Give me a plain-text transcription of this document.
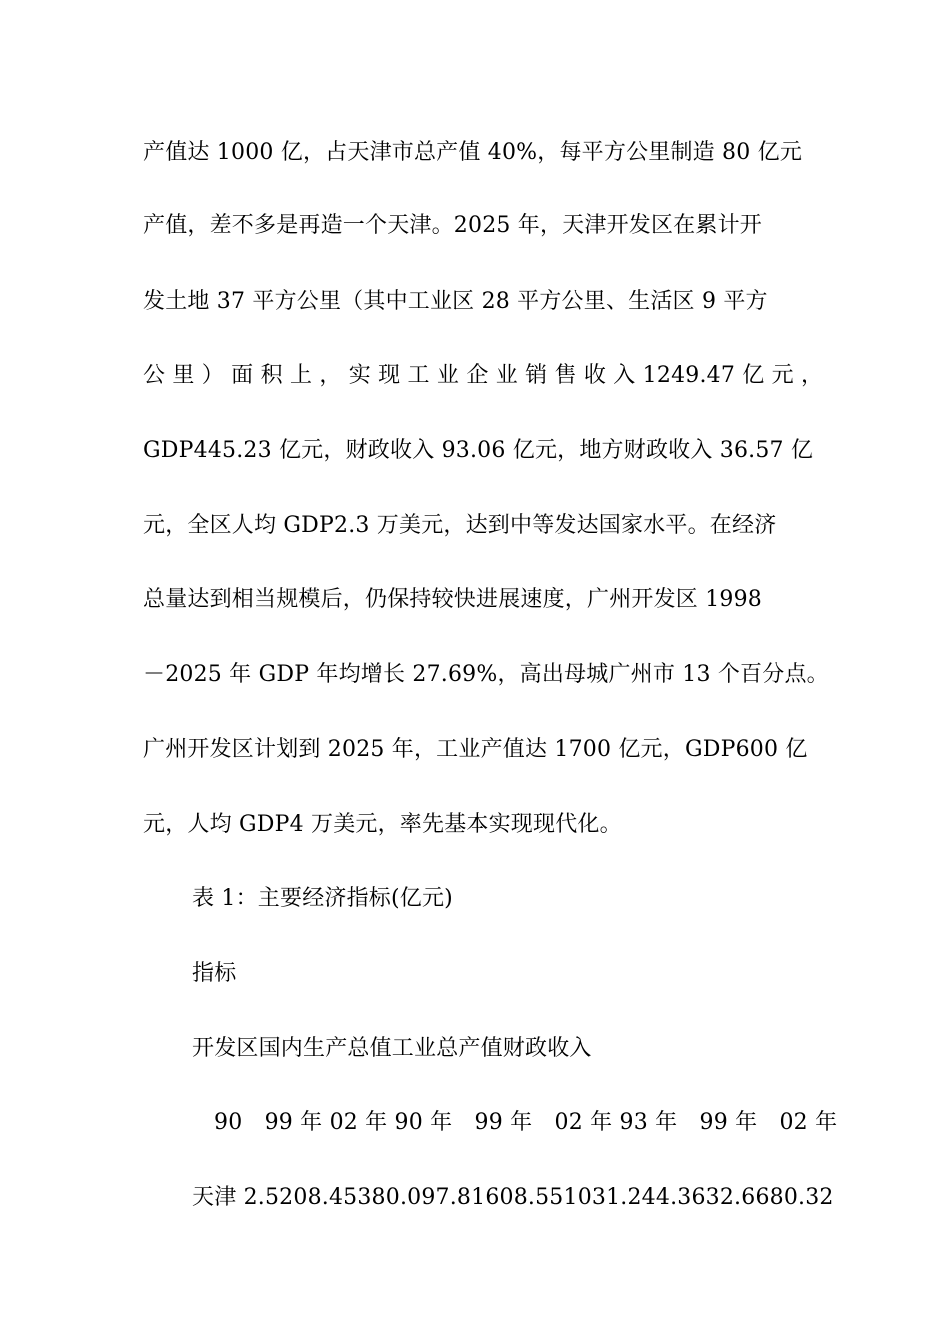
产值达 1000 亿，占天津市总产值 40%，每平方公里制造 80 亿元
产值，差不多是再造一个天津。2025 年，天津开发区在累计开
发土地 37 平方公里（其中工业区 28 平方公里、生活区 9 平方
公 里 ） 面 积 上 ， 实 现 工 业 企 业 销 售 收 入 1249.47 亿 元 ，
GDP445.23 亿元，财政收入 93.06 亿元，地方财政收入 36.57 亿
元，全区人均 GDP2.3 万美元，达到中等发达国家水平。在经济
总量达到相当规模后，仍保持较快进展速度，广州开发区 1998
－2025 年 GDP 年均增长 27.69%，高出母城广州市 13 个百分点。
广州开发区计划到 2025 年，工业产值达 1700 亿元，GDP600 亿
元，人均 GDP4 万美元，率先基本实现现代化。
表 1：主要经济指标(亿元)
指标
开发区国内生产总值工业总产值财政收入
90　99 年 02 年 90 年　99 年　02 年 93 年　99 年　02 年
天津 2.5208.45380.097.81608.551031.244.3632.6680.32
